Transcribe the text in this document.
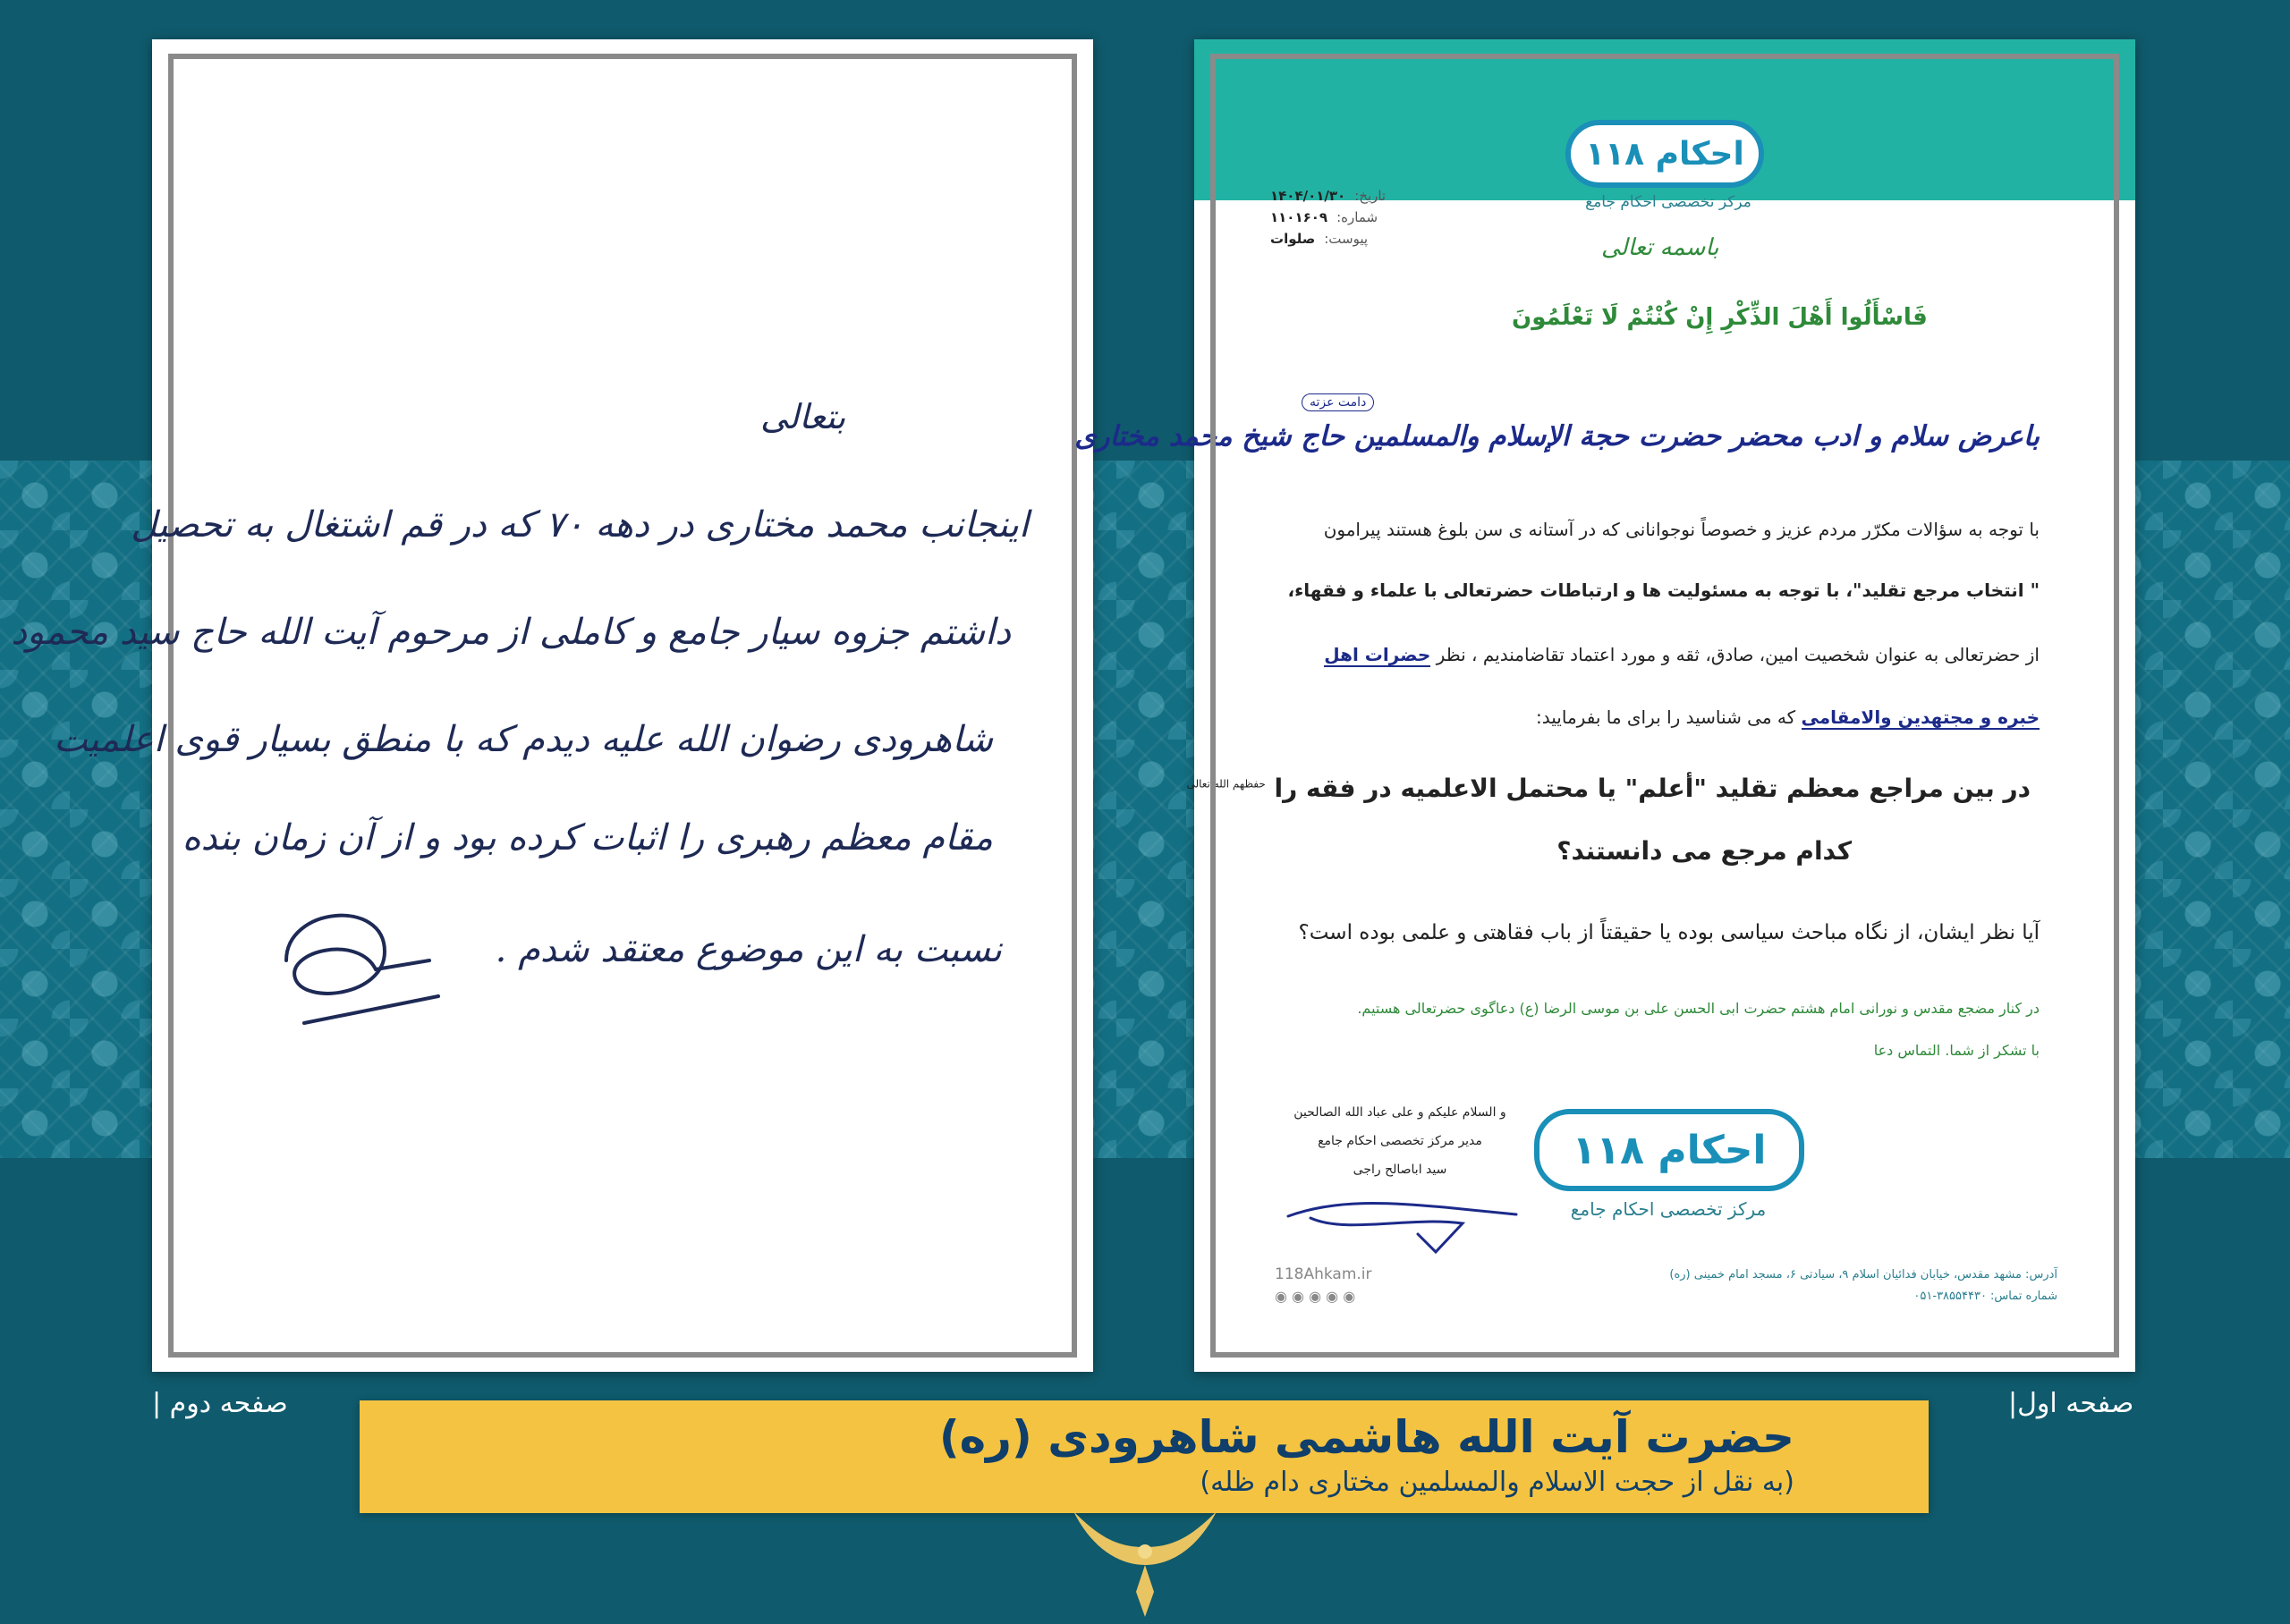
بتعالی
اینجانب محمد مختاری در دهه ۷۰ که در قم اشتغال به تحصیل
داشتم جزوه سیار جامع و کاملی از مرحوم آیت الله حاج سید محمود
شاهرودی رضوان الله علیه دیدم که با منطق بسیار قوی اعلمیت
مقام معظم رهبری را اثبات کرده بود و از آن زمان بنده
نسبت به این موضوع معتقد شدم .
۱۱۸ احکام
مرکز تخصصی احکام جامع
تاریخ:
۱۴۰۴/۰۱/۳۰
شماره:
۱۱۰۱۶۰۹
پیوست:
صلوات	باسمه تعالی
فَاسْأَلُوا أَهْلَ الذِّكْرِ إِنْ كُنْتُمْ لَا تَعْلَمُونَ
دامت عزته
باعرض سلام و ادب محضر حضرت حجة الإسلام والمسلمین حاج شیخ محمد مختاری
با توجه به سؤالات مکرّر مردم عزیز و خصوصاً نوجوانانی که در آستانه ی سن بلوغ هستند پیرامون
" انتخاب مرجع تقلید"، با توجه به مسئولیت ها و ارتباطات حضرتعالی با علماء و فقهاء،
از حضرتعالی به عنوان شخصیت امین، صادق، ثقه و مورد اعتماد تقاضامندیم ، نظر حضرات اهل
خبره و مجتهدین والامقامی که می شناسید را برای ما بفرمایید:
در بین مراجع معظم تقلید "أعلم" یا محتمل الاعلمیه در فقه را $^{حفظهم الله تعالی}$
کدام مرجع می دانستند؟
آیا نظر ایشان، از نگاه مباحث سیاسی بوده یا حقیقتاً از باب فقاهتی و علمی بوده است؟
در کنار مضجع مقدس و نورانی امام هشتم حضرت ابی الحسن علی بن موسی الرضا (ع) دعاگوی حضرتعالی هستیم.
با تشکر از شما. التماس دعا
و السلام علیکم و علی عباد الله الصالحین
مدیر مرکز تخصصی احکام جامع
سید اباصالح راجی	۱۱۸ احکام
مرکز تخصصی احکام جامع
118Ahkam.ir
◉ ◉ ◉ ◉ ◉
آدرس: مشهد مقدس، خیابان فدائیان اسلام ۹، سیادتی ۶، مسجد امام خمینی (ره)
شماره تماس: ۳۸۵۵۴۴۳۰-۰۵۱
صفحه دوم |	صفحه اول|
حضرت آیت الله هاشمی شاهرودی (ره)
(به نقل از حجت الاسلام والمسلمین مختاری دام ظله)
